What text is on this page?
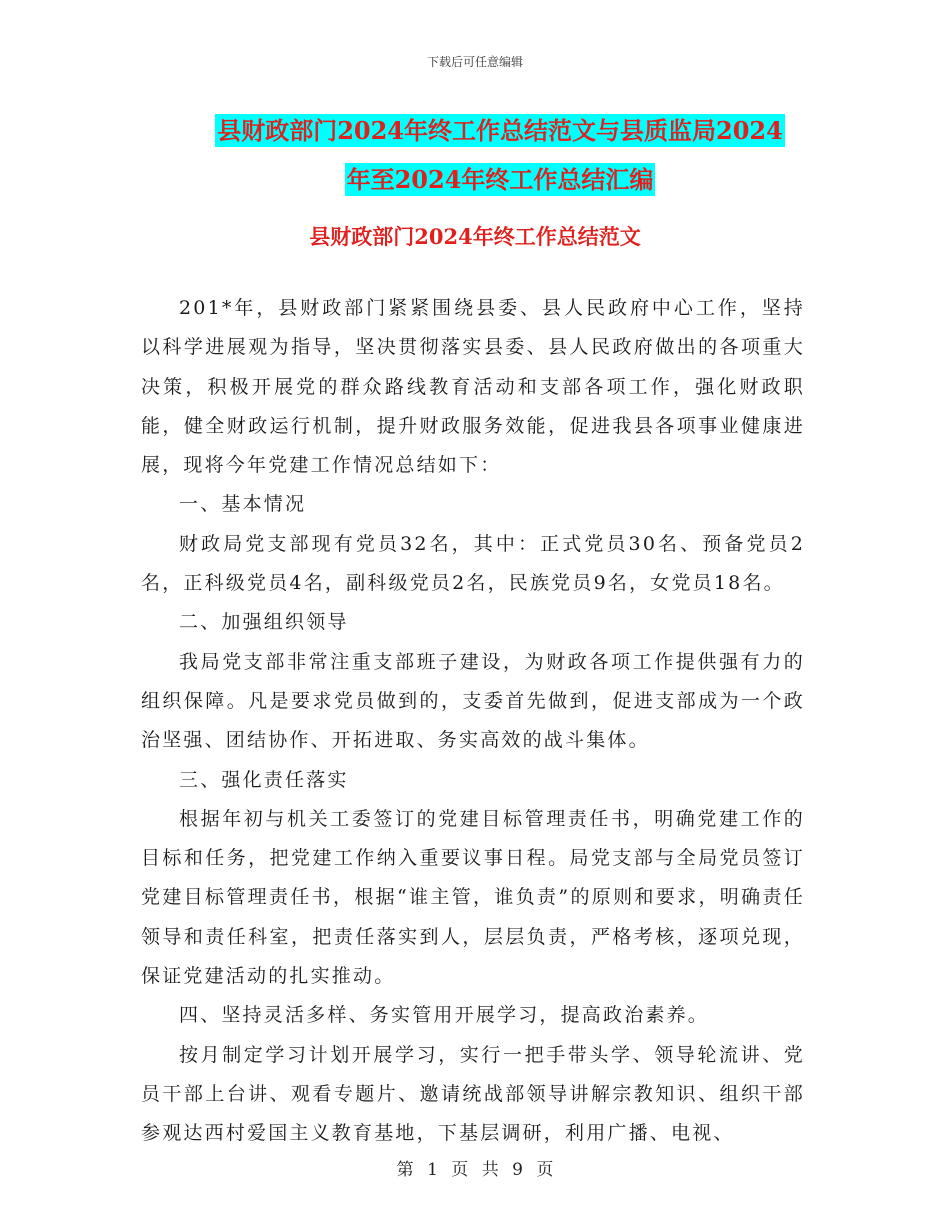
下载后可任意编辑
县财政部门2024年终工作总结范文与县质监局2024
年至2024年终工作总结汇编
县财政部门2024年终工作总结范文

201*年，县财政部门紧紧围绕县委、县人民政府中心工作，坚持以科学进展观为指导，坚决贯彻落实县委、县人民政府做出的各项重大决策，积极开展党的群众路线教育活动和支部各项工作，强化财政职能，健全财政运行机制，提升财政服务效能，促进我县各项事业健康进展，现将今年党建工作情况总结如下：

一、基本情况

财政局党支部现有党员32名，其中：正式党员30名、预备党员2名，正科级党员4名，副科级党员2名，民族党员9名，女党员18名。

二、加强组织领导

我局党支部非常注重支部班子建设，为财政各项工作提供强有力的组织保障。凡是要求党员做到的，支委首先做到，促进支部成为一个政治坚强、团结协作、开拓进取、务实高效的战斗集体。

三、强化责任落实

根据年初与机关工委签订的党建目标管理责任书，明确党建工作的目标和任务，把党建工作纳入重要议事日程。局党支部与全局党员签订党建目标管理责任书，根据“谁主管，谁负责”的原则和要求，明确责任领导和责任科室，把责任落实到人，层层负责，严格考核，逐项兑现，保证党建活动的扎实推动。

四、坚持灵活多样、务实管用开展学习，提高政治素养。

按月制定学习计划开展学习，实行一把手带头学、领导轮流讲、党员干部上台讲、观看专题片、邀请统战部领导讲解宗教知识、组织干部参观达西村爱国主义教育基地，下基层调研，利用广播、电视、

第 1 页 共 9 页
